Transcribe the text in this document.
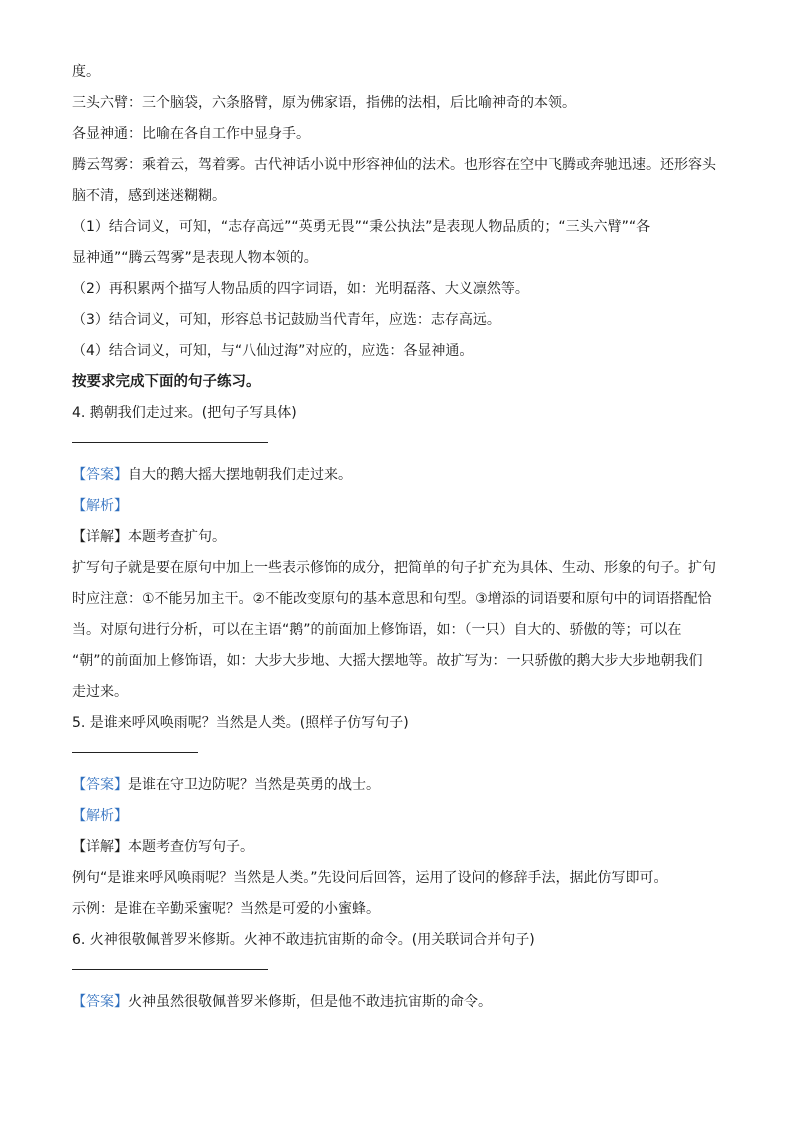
度。
三头六臂：三个脑袋，六条胳臂，原为佛家语，指佛的法相，后比喻神奇的本领。
各显神通：比喻在各自工作中显身手。
腾云驾雾：乘着云，驾着雾。古代神话小说中形容神仙的法术。也形容在空中飞腾或奔驰迅速。还形容头
脑不清，感到迷迷糊糊。
（1）结合词义，可知，“志存高远”“英勇无畏”“秉公执法”是表现人物品质的；“三头六臂”“各
显神通”“腾云驾雾”是表现人物本领的。
（2）再积累两个描写人物品质的四字词语，如：光明磊落、大义凛然等。
（3）结合词义，可知，形容总书记鼓励当代青年，应选：志存高远。
（4）结合词义，可知，与“八仙过海”对应的，应选：各显神通。
按要求完成下面的句子练习。
4. 鹅朝我们走过来。(把句子写具体)
【答案】自大的鹅大摇大摆地朝我们走过来。
【解析】
【详解】本题考查扩句。
扩写句子就是要在原句中加上一些表示修饰的成分，把简单的句子扩充为具体、生动、形象的句子。扩句
时应注意：①不能另加主干。②不能改变原句的基本意思和句型。③增添的词语要和原句中的词语搭配恰
当。对原句进行分析，可以在主语“鹅”的前面加上修饰语，如：（一只）自大的、骄傲的等；可以在
“朝”的前面加上修饰语，如：大步大步地、大摇大摆地等。故扩写为：一只骄傲的鹅大步大步地朝我们
走过来。
5. 是谁来呼风唤雨呢？当然是人类。(照样子仿写句子)
【答案】是谁在守卫边防呢？当然是英勇的战士。
【解析】
【详解】本题考查仿写句子。
例句“是谁来呼风唤雨呢？当然是人类。”先设问后回答，运用了设问的修辞手法，据此仿写即可。
示例：是谁在辛勤采蜜呢？当然是可爱的小蜜蜂。
6. 火神很敬佩普罗米修斯。火神不敢违抗宙斯的命令。(用关联词合并句子)
【答案】火神虽然很敬佩普罗米修斯，但是他不敢违抗宙斯的命令。
